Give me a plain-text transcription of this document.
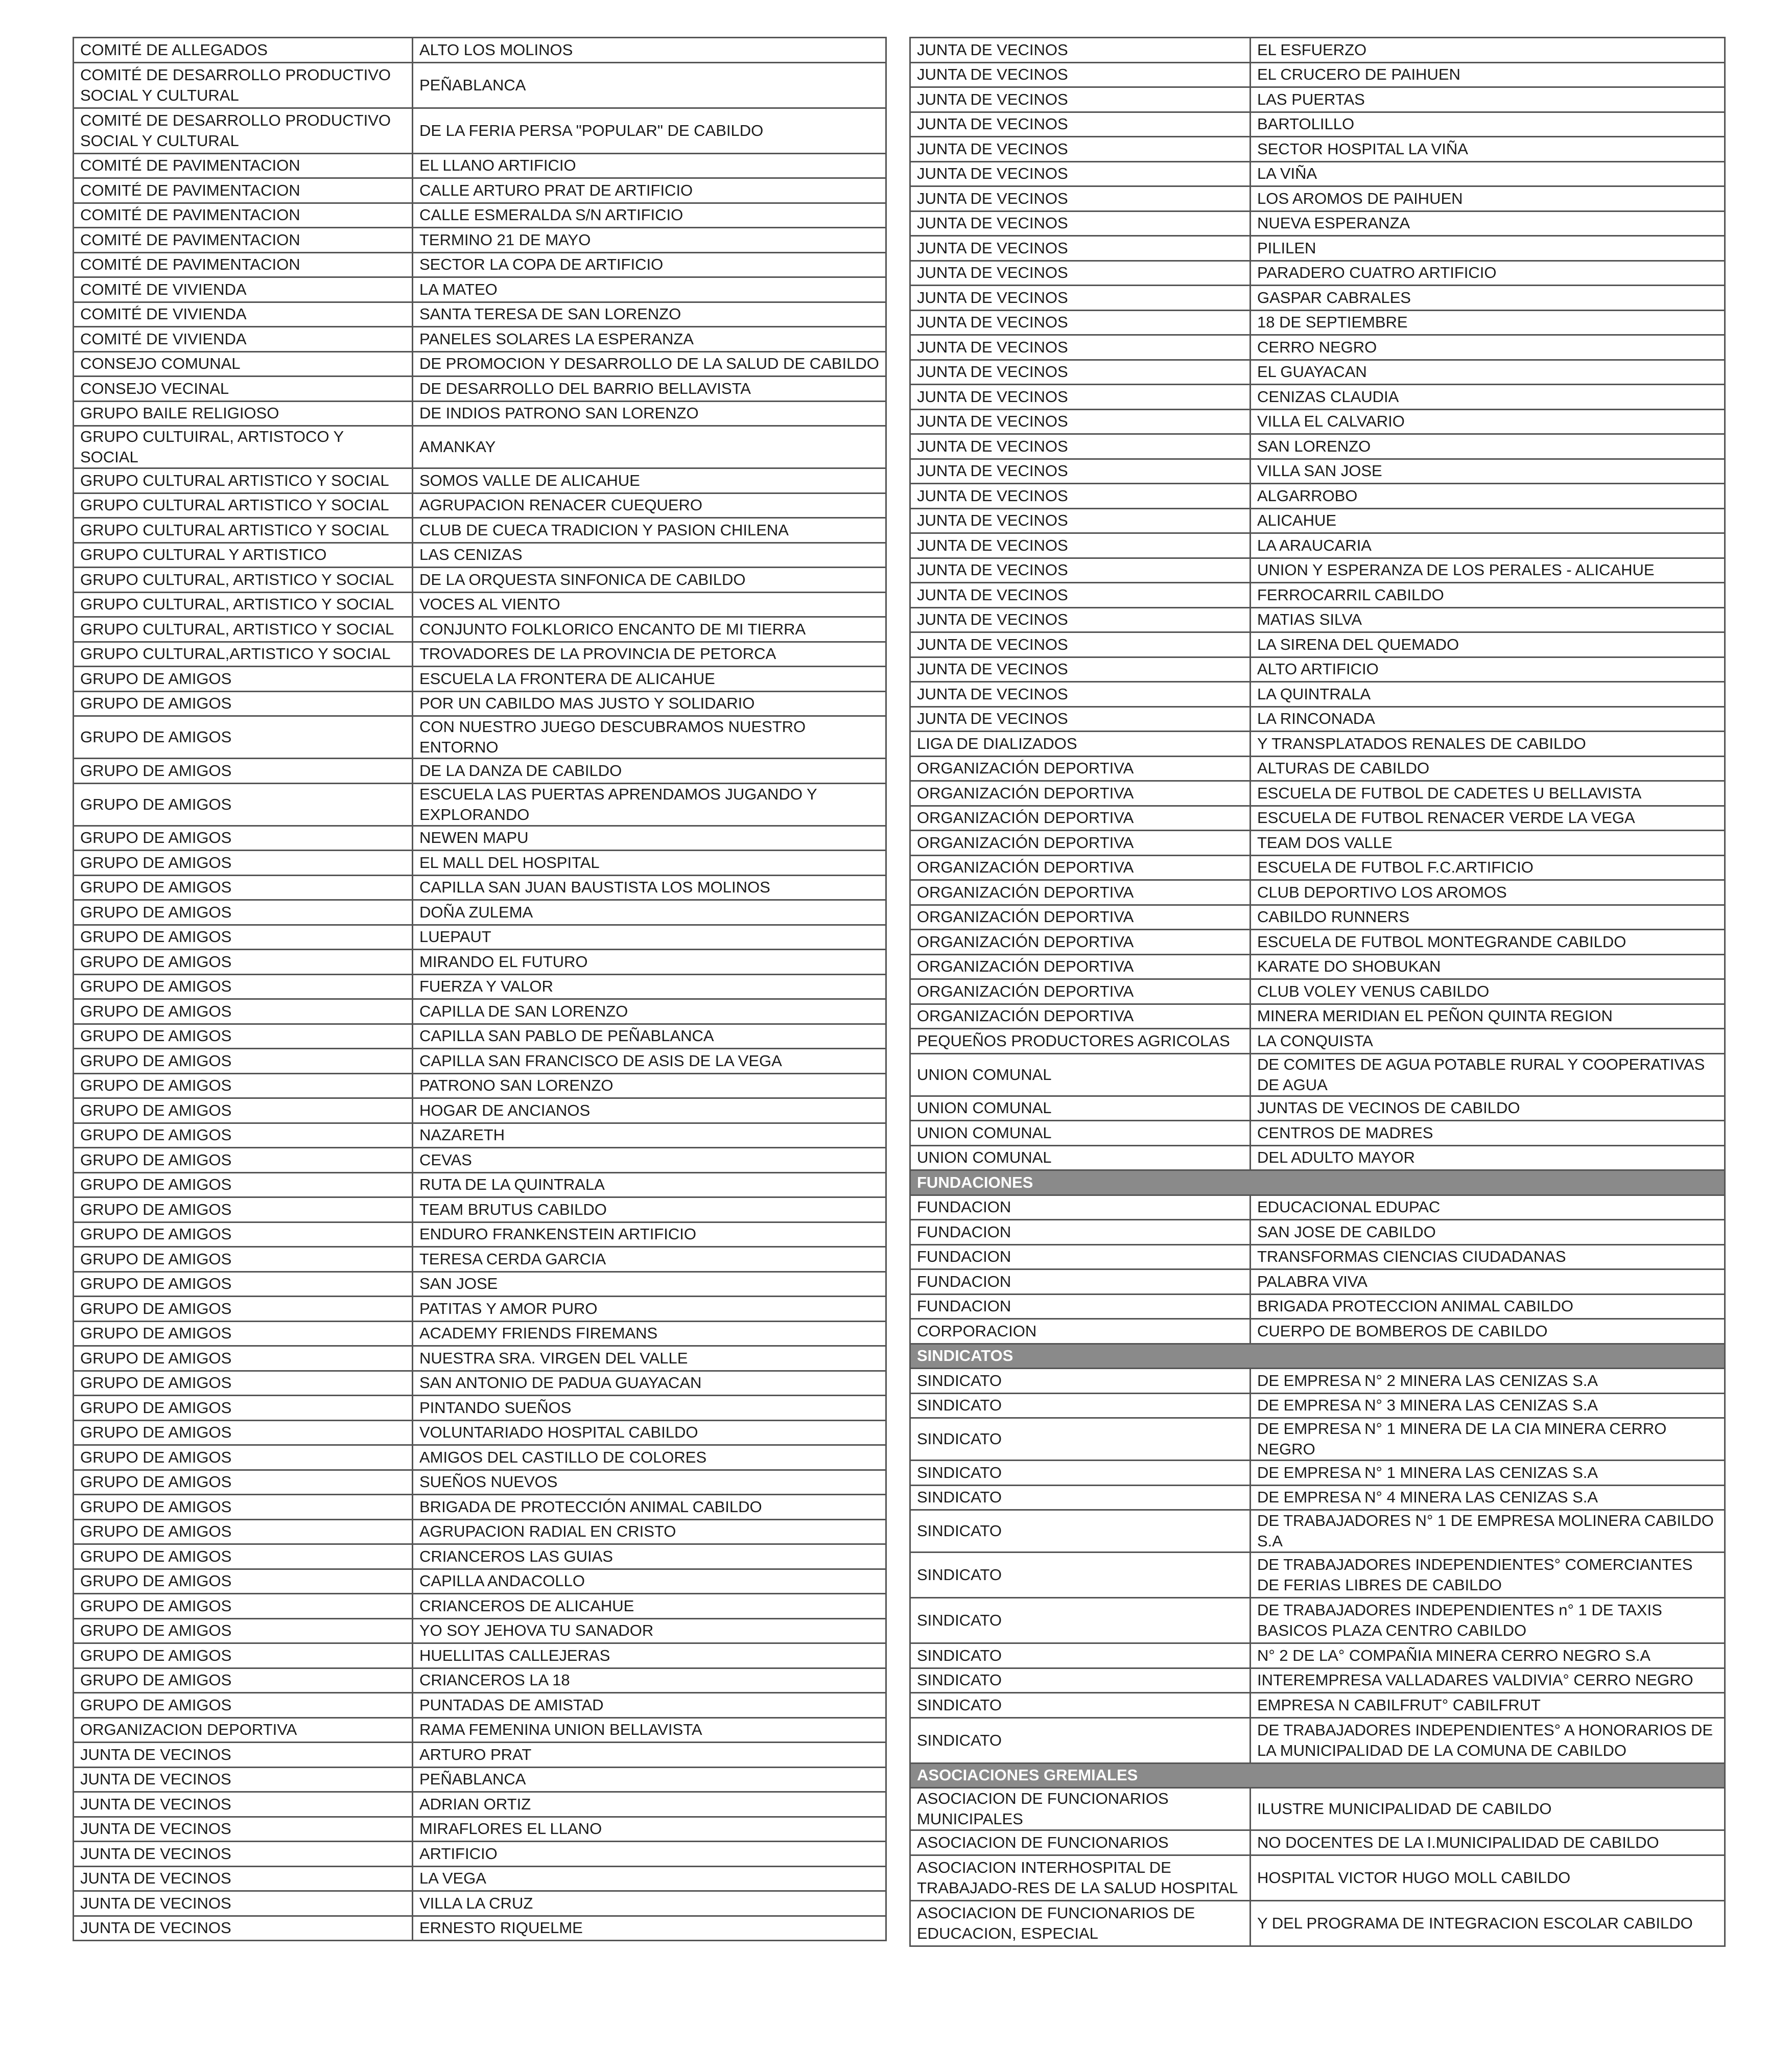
COMITÉ DE ALLEGADOS	ALTO LOS MOLINOS
COMITÉ DE DESARROLLO PRODUCTIVO SOCIAL Y CULTURAL	PEÑABLANCA
COMITÉ DE DESARROLLO PRODUCTIVO SOCIAL Y CULTURAL	DE LA FERIA PERSA "POPULAR" DE CABILDO
COMITÉ DE PAVIMENTACION	EL LLANO ARTIFICIO
COMITÉ DE PAVIMENTACION	CALLE ARTURO PRAT DE ARTIFICIO
COMITÉ DE PAVIMENTACION	CALLE ESMERALDA S/N ARTIFICIO
COMITÉ DE PAVIMENTACION	TERMINO 21 DE MAYO
COMITÉ DE PAVIMENTACION	SECTOR LA COPA DE ARTIFICIO
COMITÉ DE VIVIENDA	LA MATEO
COMITÉ DE VIVIENDA	SANTA TERESA DE SAN LORENZO
COMITÉ DE VIVIENDA	PANELES SOLARES LA ESPERANZA
CONSEJO COMUNAL	DE PROMOCION Y DESARROLLO DE LA SALUD DE CABILDO
CONSEJO VECINAL	DE DESARROLLO DEL BARRIO BELLAVISTA
GRUPO BAILE RELIGIOSO	DE INDIOS PATRONO SAN LORENZO
GRUPO CULTUIRAL, ARTISTOCO Y SOCIAL	AMANKAY
GRUPO CULTURAL ARTISTICO Y SOCIAL	SOMOS VALLE DE ALICAHUE
GRUPO CULTURAL ARTISTICO Y SOCIAL	AGRUPACION RENACER CUEQUERO
GRUPO CULTURAL ARTISTICO Y SOCIAL	CLUB DE CUECA TRADICION Y PASION CHILENA
GRUPO CULTURAL Y ARTISTICO	LAS CENIZAS
GRUPO CULTURAL, ARTISTICO Y SOCIAL	DE LA ORQUESTA SINFONICA DE CABILDO
GRUPO CULTURAL, ARTISTICO Y SOCIAL	VOCES AL VIENTO
GRUPO CULTURAL, ARTISTICO Y SOCIAL	CONJUNTO FOLKLORICO ENCANTO DE MI TIERRA
GRUPO CULTURAL,ARTISTICO Y SOCIAL	TROVADORES DE LA PROVINCIA DE PETORCA
GRUPO DE AMIGOS	ESCUELA LA FRONTERA DE ALICAHUE
GRUPO DE AMIGOS	POR UN CABILDO MAS JUSTO Y SOLIDARIO
GRUPO DE AMIGOS	CON NUESTRO JUEGO DESCUBRAMOS NUESTRO ENTORNO
GRUPO DE AMIGOS	DE LA DANZA DE CABILDO
GRUPO DE AMIGOS	ESCUELA LAS PUERTAS APRENDAMOS JUGANDO Y EXPLORANDO
GRUPO DE AMIGOS	NEWEN MAPU
GRUPO DE AMIGOS	EL MALL DEL HOSPITAL
GRUPO DE AMIGOS	CAPILLA SAN JUAN BAUSTISTA LOS MOLINOS
GRUPO DE AMIGOS	DOÑA ZULEMA
GRUPO DE AMIGOS	LUEPAUT
GRUPO DE AMIGOS	MIRANDO EL FUTURO
GRUPO DE AMIGOS	FUERZA Y VALOR
GRUPO DE AMIGOS	CAPILLA DE SAN LORENZO
GRUPO DE AMIGOS	CAPILLA SAN PABLO DE PEÑABLANCA
GRUPO DE AMIGOS	CAPILLA SAN FRANCISCO DE ASIS DE LA VEGA
GRUPO DE AMIGOS	PATRONO SAN LORENZO
GRUPO DE AMIGOS	HOGAR DE ANCIANOS
GRUPO DE AMIGOS	NAZARETH
GRUPO DE AMIGOS	CEVAS
GRUPO DE AMIGOS	RUTA DE LA QUINTRALA
GRUPO DE AMIGOS	TEAM BRUTUS CABILDO
GRUPO DE AMIGOS	ENDURO FRANKENSTEIN ARTIFICIO
GRUPO DE AMIGOS	TERESA CERDA GARCIA
GRUPO DE AMIGOS	SAN JOSE
GRUPO DE AMIGOS	PATITAS Y AMOR PURO
GRUPO DE AMIGOS	ACADEMY FRIENDS FIREMANS
GRUPO DE AMIGOS	NUESTRA SRA. VIRGEN DEL VALLE
GRUPO DE AMIGOS	SAN ANTONIO DE PADUA GUAYACAN
GRUPO DE AMIGOS	PINTANDO SUEÑOS
GRUPO DE AMIGOS	VOLUNTARIADO HOSPITAL CABILDO
GRUPO DE AMIGOS	AMIGOS DEL CASTILLO DE COLORES
GRUPO DE AMIGOS	SUEÑOS NUEVOS
GRUPO DE AMIGOS	BRIGADA DE PROTECCIÓN ANIMAL CABILDO
GRUPO DE AMIGOS	AGRUPACION RADIAL EN CRISTO
GRUPO DE AMIGOS	CRIANCEROS LAS GUIAS
GRUPO DE AMIGOS	CAPILLA ANDACOLLO
GRUPO DE AMIGOS	CRIANCEROS DE ALICAHUE
GRUPO DE AMIGOS	YO SOY JEHOVA TU SANADOR
GRUPO DE AMIGOS	HUELLITAS CALLEJERAS
GRUPO DE AMIGOS	CRIANCEROS LA 18
GRUPO DE AMIGOS	PUNTADAS DE AMISTAD
ORGANIZACION DEPORTIVA	RAMA FEMENINA UNION BELLAVISTA
JUNTA DE VECINOS	ARTURO PRAT
JUNTA DE VECINOS	PEÑABLANCA
JUNTA DE VECINOS	ADRIAN ORTIZ
JUNTA DE VECINOS	MIRAFLORES EL LLANO
JUNTA DE VECINOS	ARTIFICIO
JUNTA DE VECINOS	LA VEGA
JUNTA DE VECINOS	VILLA LA CRUZ
JUNTA DE VECINOS	ERNESTO RIQUELME
JUNTA DE VECINOS	EL ESFUERZO
JUNTA DE VECINOS	EL CRUCERO DE PAIHUEN
JUNTA DE VECINOS	LAS PUERTAS
JUNTA DE VECINOS	BARTOLILLO
JUNTA DE VECINOS	SECTOR HOSPITAL LA VIÑA
JUNTA DE VECINOS	LA VIÑA
JUNTA DE VECINOS	LOS AROMOS DE PAIHUEN
JUNTA DE VECINOS	NUEVA ESPERANZA
JUNTA DE VECINOS	PILILEN
JUNTA DE VECINOS	PARADERO CUATRO ARTIFICIO
JUNTA DE VECINOS	GASPAR CABRALES
JUNTA DE VECINOS	18 DE SEPTIEMBRE
JUNTA DE VECINOS	CERRO NEGRO
JUNTA DE VECINOS	EL GUAYACAN
JUNTA DE VECINOS	CENIZAS CLAUDIA
JUNTA DE VECINOS	VILLA EL CALVARIO
JUNTA DE VECINOS	SAN LORENZO
JUNTA DE VECINOS	VILLA SAN JOSE
JUNTA DE VECINOS	ALGARROBO
JUNTA DE VECINOS	ALICAHUE
JUNTA DE VECINOS	LA ARAUCARIA
JUNTA DE VECINOS	UNION Y ESPERANZA DE LOS PERALES - ALICAHUE
JUNTA DE VECINOS	FERROCARRIL CABILDO
JUNTA DE VECINOS	MATIAS SILVA
JUNTA DE VECINOS	LA SIRENA DEL QUEMADO
JUNTA DE VECINOS	ALTO ARTIFICIO
JUNTA DE VECINOS	LA QUINTRALA
JUNTA DE VECINOS	LA RINCONADA
LIGA DE DIALIZADOS	Y TRANSPLATADOS RENALES DE CABILDO
ORGANIZACIÓN DEPORTIVA	ALTURAS DE CABILDO
ORGANIZACIÓN DEPORTIVA	ESCUELA DE FUTBOL DE CADETES U BELLAVISTA
ORGANIZACIÓN DEPORTIVA	ESCUELA DE FUTBOL RENACER VERDE LA VEGA
ORGANIZACIÓN DEPORTIVA	TEAM DOS VALLE
ORGANIZACIÓN DEPORTIVA	ESCUELA DE FUTBOL F.C.ARTIFICIO
ORGANIZACIÓN DEPORTIVA	CLUB DEPORTIVO LOS AROMOS
ORGANIZACIÓN DEPORTIVA	CABILDO RUNNERS
ORGANIZACIÓN DEPORTIVA	ESCUELA DE FUTBOL MONTEGRANDE CABILDO
ORGANIZACIÓN DEPORTIVA	KARATE DO SHOBUKAN
ORGANIZACIÓN DEPORTIVA	CLUB VOLEY VENUS CABILDO
ORGANIZACIÓN DEPORTIVA	MINERA MERIDIAN EL PEÑON QUINTA REGION
PEQUEÑOS PRODUCTORES AGRICOLAS	LA CONQUISTA
UNION COMUNAL	DE COMITES DE AGUA POTABLE RURAL Y COOPERATIVAS DE AGUA
UNION COMUNAL	JUNTAS DE VECINOS DE CABILDO
UNION COMUNAL	CENTROS DE MADRES
UNION COMUNAL	DEL ADULTO MAYOR
FUNDACIONES	
FUNDACION	EDUCACIONAL EDUPAC
FUNDACION	SAN JOSE DE CABILDO
FUNDACION	TRANSFORMAS CIENCIAS CIUDADANAS
FUNDACION	PALABRA VIVA
FUNDACION	BRIGADA PROTECCION ANIMAL CABILDO
CORPORACION	CUERPO DE BOMBEROS DE CABILDO
SINDICATOS	
SINDICATO	DE EMPRESA N° 2 MINERA LAS CENIZAS S.A
SINDICATO	DE EMPRESA N° 3 MINERA LAS CENIZAS S.A
SINDICATO	DE EMPRESA N° 1 MINERA DE LA CIA MINERA CERRO NEGRO
SINDICATO	DE EMPRESA N° 1 MINERA LAS CENIZAS S.A
SINDICATO	DE EMPRESA N° 4 MINERA LAS CENIZAS S.A
SINDICATO	DE TRABAJADORES N° 1 DE EMPRESA MOLINERA CABILDO S.A
SINDICATO	DE TRABAJADORES INDEPENDIENTES° COMERCIANTES DE FERIAS LIBRES DE CABILDO
SINDICATO	DE TRABAJADORES INDEPENDIENTES n° 1 DE TAXIS BASICOS PLAZA CENTRO CABILDO
SINDICATO	N° 2 DE LA° COMPAÑIA MINERA CERRO NEGRO S.A
SINDICATO	INTEREMPRESA VALLADARES VALDIVIA° CERRO NEGRO
SINDICATO	EMPRESA N CABILFRUT° CABILFRUT
SINDICATO	DE TRABAJADORES INDEPENDIENTES° A HONORARIOS DE LA MUNICIPALIDAD DE LA COMUNA DE CABILDO
ASOCIACIONES GREMIALES	
ASOCIACION DE FUNCIONARIOS MUNICIPALES	ILUSTRE MUNICIPALIDAD DE CABILDO
ASOCIACION DE FUNCIONARIOS	NO DOCENTES DE LA I.MUNICIPALIDAD DE CABILDO
ASOCIACION INTERHOSPITAL DE TRABAJADO-RES DE LA SALUD HOSPITAL	HOSPITAL VICTOR HUGO MOLL CABILDO
ASOCIACION DE FUNCIONARIOS DE EDUCACION, ESPECIAL	Y DEL PROGRAMA DE INTEGRACION ESCOLAR CABILDO
